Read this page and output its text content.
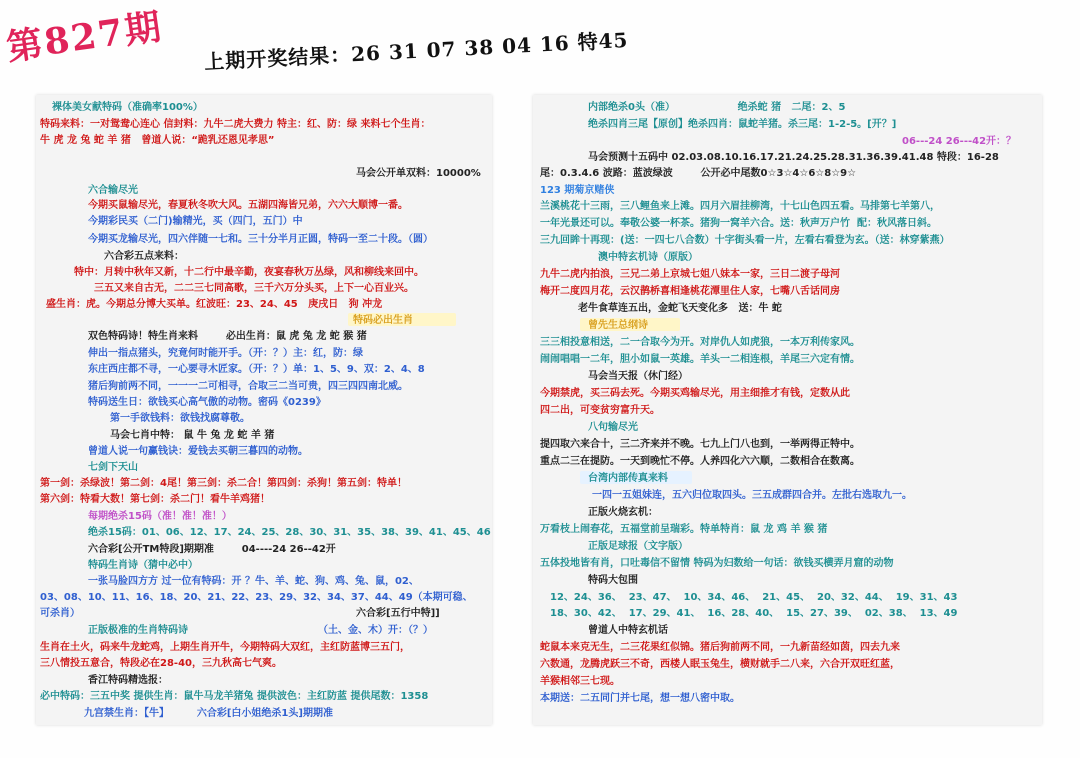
第827期 上期开奖结果：26 31 07 38 04 16 特45
裸体美女献特码（准确率100%）
特码来料：一对鸳鸯心连心 信封料：九牛二虎大费力 特主：红、防：绿 来料七个生肖：
牛 虎 龙 兔 蛇 羊 猪   曾道人说：“跪乳还恩见孝思”
马会公开单双料：10000%
六合输尽光
今期买鼠输尽光，春夏秋冬吹大风。五湖四海皆兄弟，六六大顺博一番。
今期彩民买（二门)输精光，买（四门，五门）中
今期买龙输尽光，四六伴随一七和。三十分半月正圆，特码一至二十段。（圆）
六合彩五点来料：
特中：月转中秋年又新，十二行中最辛勤，夜宴春秋万丛绿，风和柳线来回中。
三五又来自古无，二二三七同高歌，三千六万分头买，上下一心百业兴。
盛生肖：虎。今期总分博大买单。红波旺：23、24、45   庚戌日   狗 冲龙
特码必出生肖
双色特码诗！特生肖来料        必出生肖：鼠 虎 兔 龙 蛇 猴 猪
伸出一指点猪头，究竟何时能开手。（开：？）主：红，防：绿
东庄西庄都不寻，一心要寻木匠家。（开：？）单：1、5、9、双：2、4、8
猪后狗前两不同，一一一二可相寻，合取三二当可贵，四三四四南北威。
特码送生日：欲钱买心高气傲的动物。密码《0239》
第一手欲钱料：欲钱找腐尊敬。
马会七肖中特： 鼠 牛 兔 龙 蛇 羊 猪
曾道人说一句赢钱诀：爱钱去买朝三暮四的动物。
七剑下天山
第一剑：杀绿波！第二剑：4尾！第三剑：杀二合！第四剑：杀狗！第五剑：特单！
第六剑：特看大数！第七剑：杀二门！看牛羊鸡猪！
每期绝杀15码（准！准！准！）
绝杀15码：01、06、12、17、24、25、28、30、31、35、38、39、41、45、46
六合彩[公开TM特段]期期准        04----24 26--42开
特码生肖诗（猜中必中）
一张马脸四方方 过一位有特码：开 ？牛、羊、蛇、狗、鸡、兔、鼠，02、
03、08、10、11、16、18、20、21、22、23、29、32、34、37、44、49（本期可稳、
可杀肖）	六合彩[五行中特]]
正版极准的生肖特码诗	（土、金、木）开：（？）
生肖在土火，码来牛龙蛇鸡，上期生肖开牛，今期特码大双红，主红防蓝博三五门，
三八情投五意合，特段必在28-40，三九秋高七气爽。
香江特码精选报：
必中特码：三五中奖 提供生肖：鼠牛马龙羊猪兔 提供波色：主红防蓝 提供尾数：1358
九宫禁生肖：【牛】        六合彩[白小姐绝杀1头]期期准
内部绝杀0头（准）                  绝杀蛇 猪   二尾：2、5
绝杀四肖三尾【原创】绝杀四肖：鼠蛇羊猪。杀三尾：1-2-5。[开？]
06---24 26---42开：？
马会预测十五码中 02.03.08.10.16.17.21.24.25.28.31.36.39.41.48 特段：16-28
尾：0.3.4.6 波路：蓝波绿波        公开必中尾数0☆3☆4☆6☆8☆9☆
123 期菊京赌侠
兰溪桃花十三雨，三八鲤鱼来上滩。四月六眉挂柳湾，十七山色四五看。马排第七羊第八，
一年光景还可以。奉敬公婆一杯茶。猪狗一窝羊六合。送：秋声万户竹  配：秋风落日斜。
三九回眸十再现：(送：一四七八合数）十字街头看一片，左看右看登为玄。（送：林穿紫燕）
澳中特玄机诗（原版）
九牛二虎内拍浪，三兄二弟上京城七姐八妹本一家，三日二渡子母河
梅开二度四月花，云汉鹊桥喜相逢桃花潭里住人家，七嘴八舌话同房
老牛食草连五出，金蛇飞天变化多   送：牛 蛇
曾先生总纲诗
三三相投意相送，二一合取今为开。对岸仇人如虎狼，一本万利传家风。
闹闹唱唱一二年，胆小如鼠一英雄。羊头一二相连根，羊尾三六定有情。
马会当天报（休门经）
今期禁虎，买三码去死。今期买鸡输尽光，用主细推才有钱，定数从此
四二出，可变贫穷富升天。
八句输尽光
提四取六来合十，三二齐来并不晚。七九上门八也到，一举两得正特中。
重点二三在提防。一天到晚忙不停。人养四化六六顺，二数相合在数离。
台湾内部传真来料
一四一五姐妹连，五六归位取四头。三五成群四合并。左批右选取九一。
正版火烧玄机：
万看枝上闹春花，五福堂前呈瑞彩。特单特肖：鼠 龙 鸡 羊 猴 猪
正版足球报（文字版）
五体投地皆有肖，口吐毒信不留情 特码为妇数给一句话：欲钱买横弄月窟的动物
特码大包围
12、24、36、  23、47、  10、34、46、  21、45、  20、32、44、  19、31、43
18、30、42、  17、29、41、  16、28、40、  15、27、39、  02、38、  13、49
曾道人中特玄机话
蛇鼠本来克无生，二三花果红似锦。猪后狗前两不同，一九新苗经如茵，四去九来
六数通，龙腾虎跃三不奇，西楼人眠玉兔生，横财就手二八来，六合开双旺红蓝，
羊猴相邻三七现。
本期送：二五同门并七尾，想一想八密中取。
